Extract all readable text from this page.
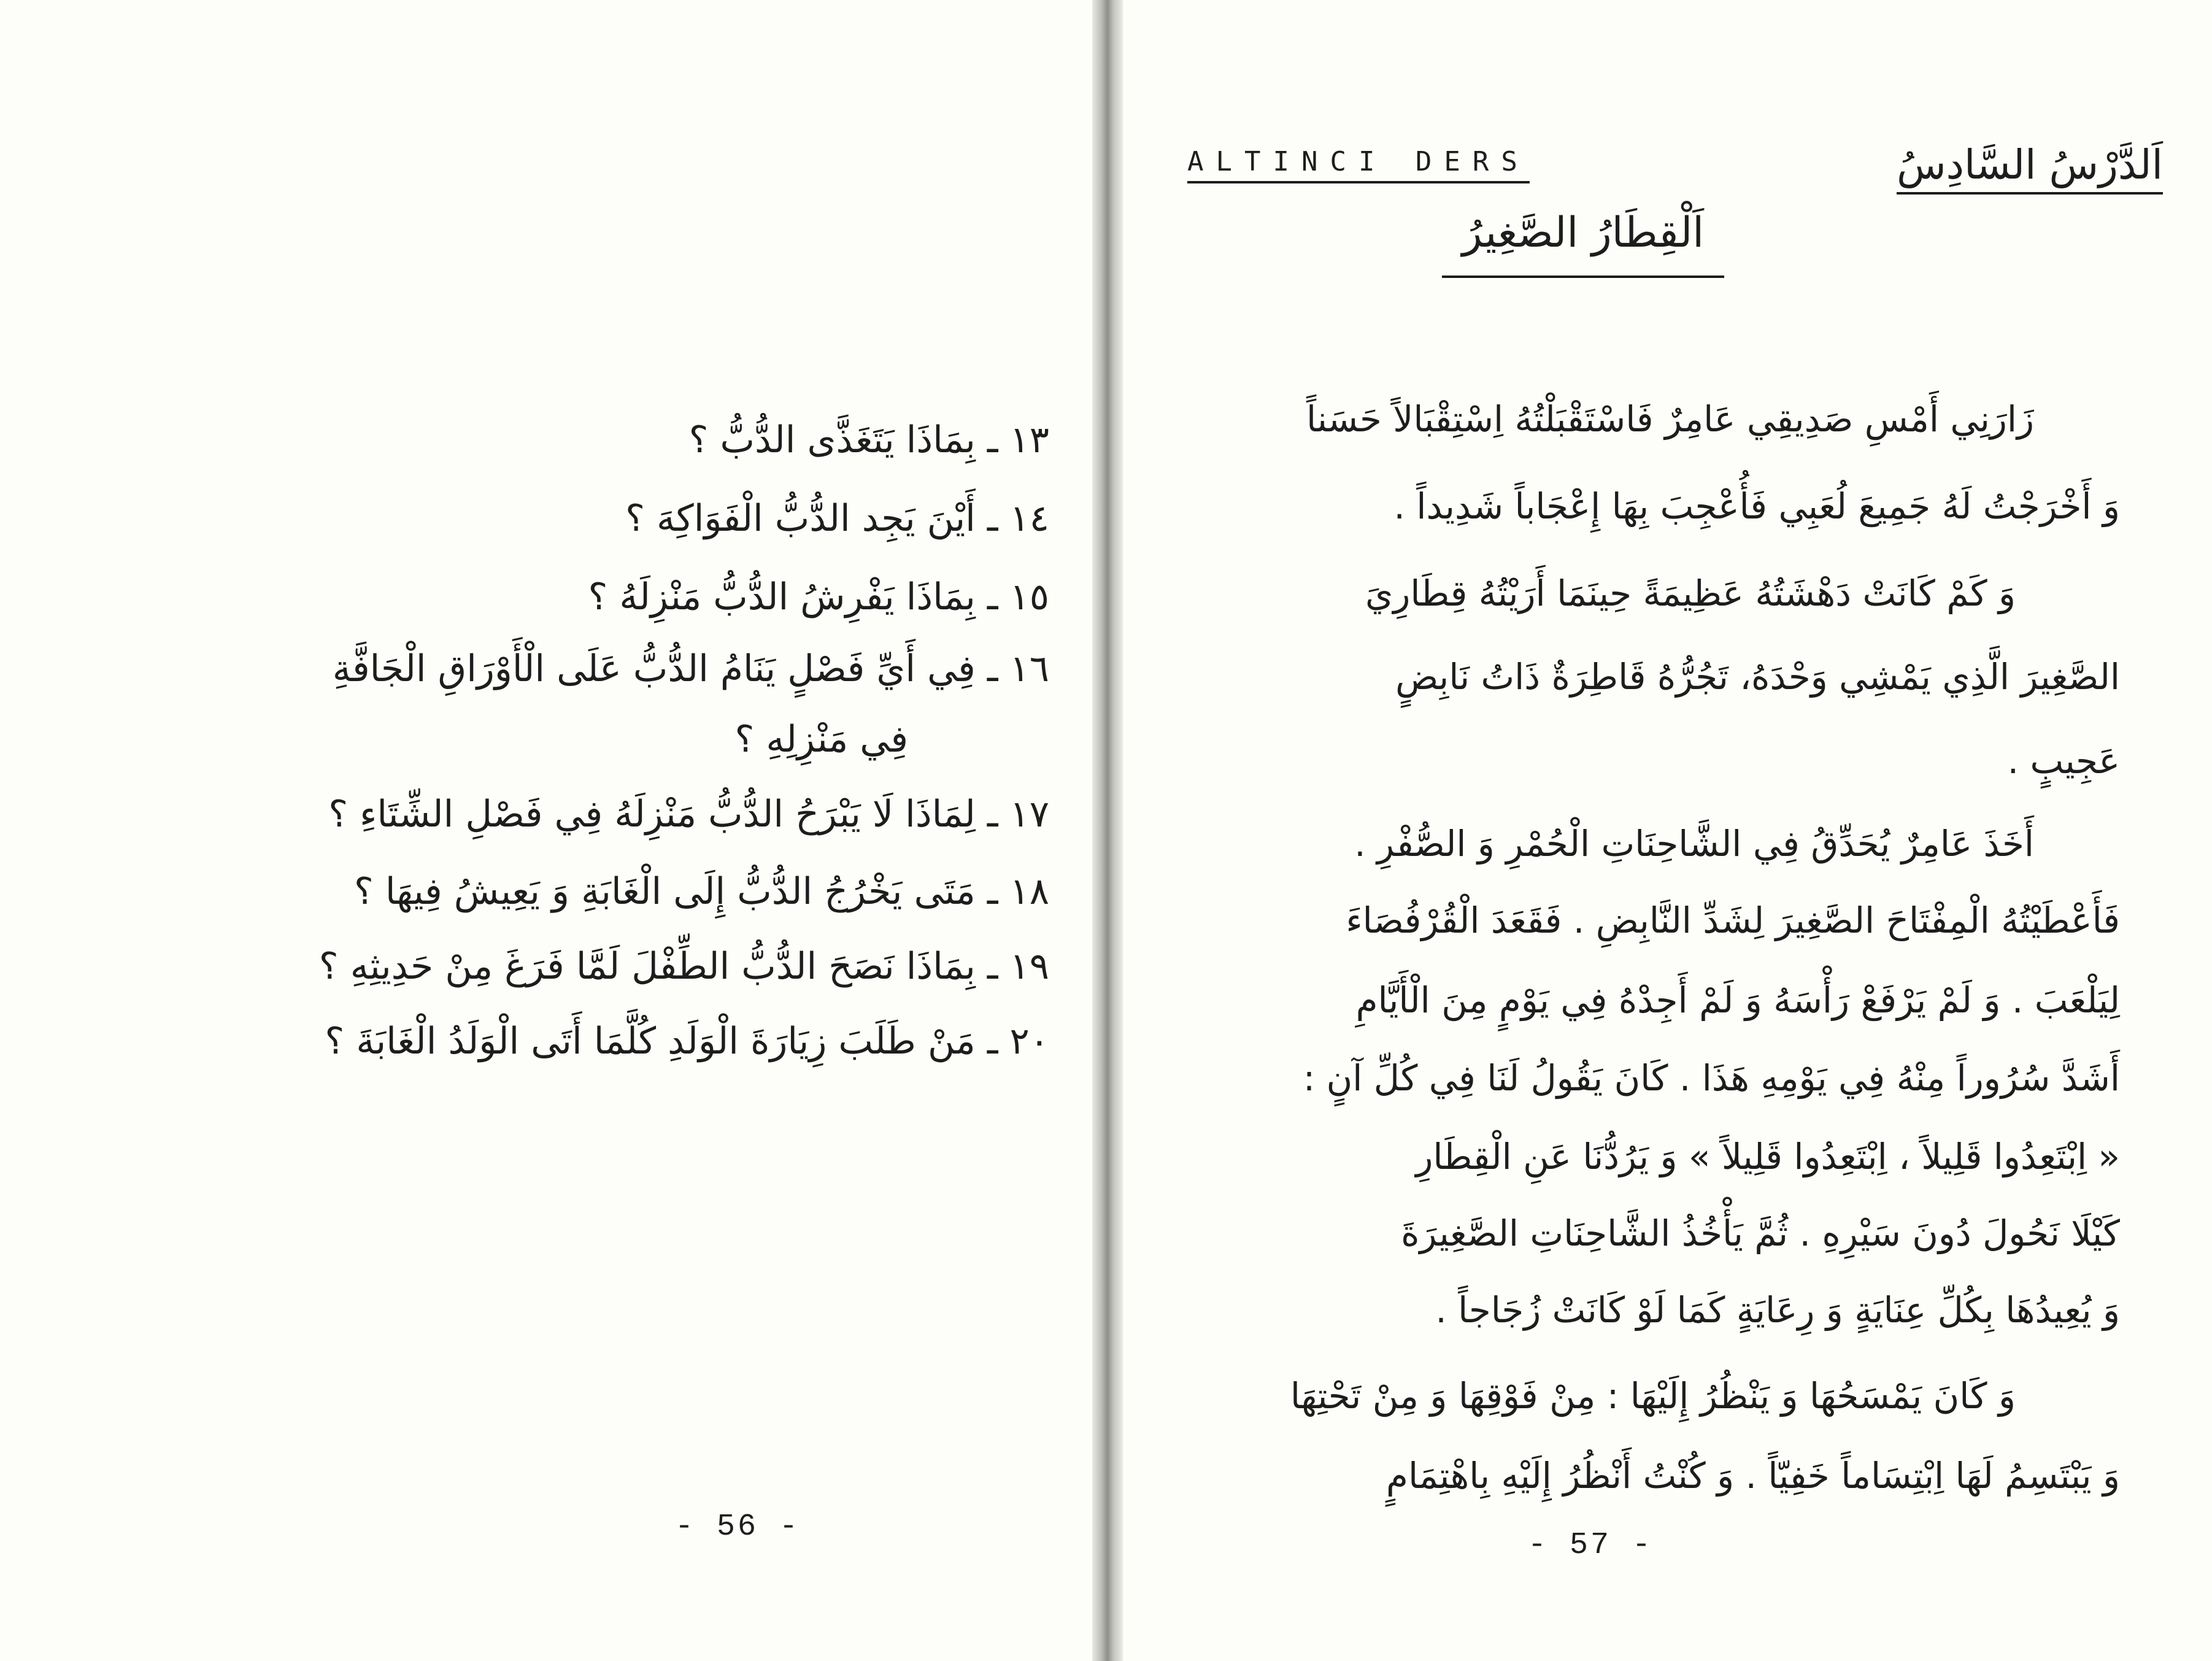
١٣ ـ بِمَاذَا يَتَغَذَّى الدُّبُّ ؟
١٤ ـ أَيْنَ يَجِد الدُّبُّ الْفَوَاكِهَ ؟
١٥ ـ بِمَاذَا يَفْرِشُ الدُّبُّ مَنْزِلَهُ ؟
١٦ ـ فِي أَيِّ فَصْلٍ يَنَامُ الدُّبُّ عَلَى الْأَوْرَاقِ الْجَافَّةِ
فِي مَنْزِلِهِ ؟
١٧ ـ لِمَاذَا لَا يَبْرَحُ الدُّبُّ مَنْزِلَهُ فِي فَصْلِ الشِّتَاءِ ؟
١٨ ـ مَتَى يَخْرُجُ الدُّبُّ إِلَى الْغَابَةِ وَ يَعِيشُ فِيهَا ؟
١٩ ـ بِمَاذَا نَصَحَ الدُّبُّ الطِّفْلَ لَمَّا فَرَغَ مِنْ حَدِيثِهِ ؟
٢٠ ـ مَنْ طَلَبَ زِيَارَةَ الْوَلَدِ كُلَّمَا أَتَى الْوَلَدُ الْغَابَةَ ؟
- 56 -
ALTINCI DERS	اَلدَّرْسُ السَّادِسُ
اَلْقِطَارُ الصَّغِيرُ
زَارَنِي أَمْسِ صَدِيقِي عَامِرٌ فَاسْتَقْبَلْتُهُ اِسْتِقْبَالاً حَسَناً
وَ أَخْرَجْتُ لَهُ جَمِيعَ لُعَبِي فَأُعْجِبَ بِهَا إِعْجَاباً شَدِيداً .
وَ كَمْ كَانَتْ دَهْشَتُهُ عَظِيمَةً حِينَمَا أَرَيْتُهُ قِطَارِيَ
الصَّغِيرَ الَّذِي يَمْشِي وَحْدَهُ، تَجُرُّهُ قَاطِرَةٌ ذَاتُ نَابِضٍ
عَجِيبٍ .
أَخَذَ عَامِرٌ يُحَدِّقُ فِي الشَّاحِنَاتِ الْحُمْرِ وَ الصُّفْرِ .
فَأَعْطَيْتُهُ الْمِفْتَاحَ الصَّغِيرَ لِشَدِّ النَّابِضِ . فَقَعَدَ الْقُرْفُصَاءَ
لِيَلْعَبَ . وَ لَمْ يَرْفَعْ رَأْسَهُ وَ لَمْ أَجِدْهُ فِي يَوْمٍ مِنَ الْأَيَّامِ
أَشَدَّ سُرُوراً مِنْهُ فِي يَوْمِهِ هَذَا . كَانَ يَقُولُ لَنَا فِي كُلِّ آنٍ :
« اِبْتَعِدُوا قَلِيلاً ، اِبْتَعِدُوا قَلِيلاً » وَ يَرُدُّنَا عَنِ الْقِطَارِ
كَيْلَا نَحُولَ دُونَ سَيْرِهِ . ثُمَّ يَأْخُذُ الشَّاحِنَاتِ الصَّغِيرَةَ
وَ يُعِيدُهَا بِكُلِّ عِنَايَةٍ وَ رِعَايَةٍ كَمَا لَوْ كَانَتْ زُجَاجاً .
وَ كَانَ يَمْسَحُهَا وَ يَنْظُرُ إِلَيْهَا : مِنْ فَوْقِهَا وَ مِنْ تَحْتِهَا
وَ يَبْتَسِمُ لَهَا اِبْتِسَاماً خَفِيّاً . وَ كُنْتُ أَنْظُرُ إِلَيْهِ بِاهْتِمَامٍ
- 57 -
